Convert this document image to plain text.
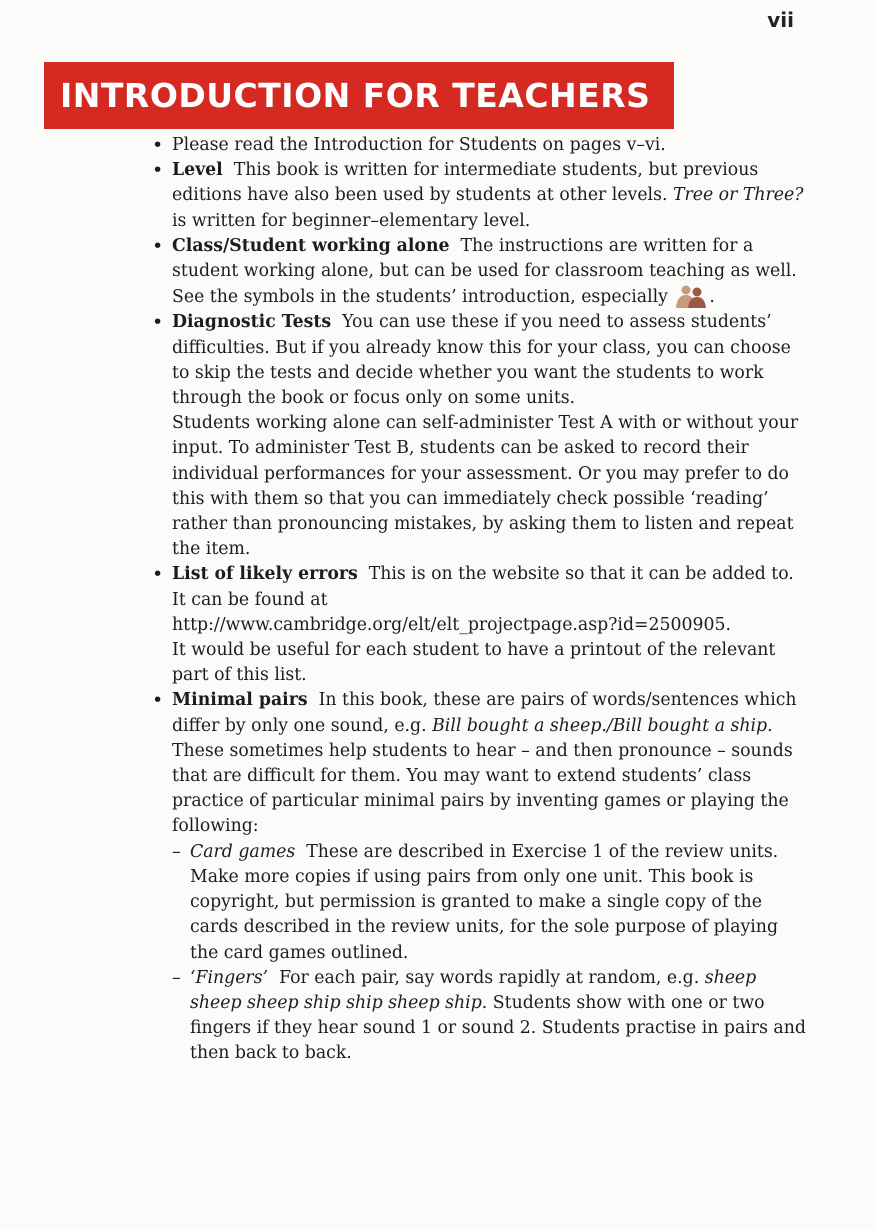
vii
INTRODUCTION FOR TEACHERS
• Please read the Introduction for Students on pages v–vi.
• Level This book is written for intermediate students, but previous editions have also been used by students at other levels. Tree or Three? is written for beginner–elementary level.
• Class/Student working alone The instructions are written for a student working alone, but can be used for classroom teaching as well. See the symbols in the students’ introduction, especially .
• Diagnostic Tests You can use these if you need to assess students’ difficulties. But if you already know this for your class, you can choose to skip the tests and decide whether you want the students to work through the book or focus only on some units.
Students working alone can self-administer Test A with or without your input. To administer Test B, students can be asked to record their individual performances for your assessment. Or you may prefer to do this with them so that you can immediately check possible ‘reading’ rather than pronouncing mistakes, by asking them to listen and repeat the item.
• List of likely errors This is on the website so that it can be added to. It can be found at
http://www.cambridge.org/elt/elt_projectpage.asp?id=2500905.
It would be useful for each student to have a printout of the relevant part of this list.
• Minimal pairs In this book, these are pairs of words/sentences which differ by only one sound, e.g. Bill bought a sheep./Bill bought a ship. These sometimes help students to hear – and then pronounce – sounds that are difficult for them. You may want to extend students’ class practice of particular minimal pairs by inventing games or playing the following:
– Card games These are described in Exercise 1 of the review units. Make more copies if using pairs from only one unit. This book is copyright, but permission is granted to make a single copy of the cards described in the review units, for the sole purpose of playing the card games outlined.
– ‘Fingers’ For each pair, say words rapidly at random, e.g. sheep sheep sheep ship ship sheep ship. Students show with one or two fingers if they hear sound 1 or sound 2. Students practise in pairs and then back to back.
